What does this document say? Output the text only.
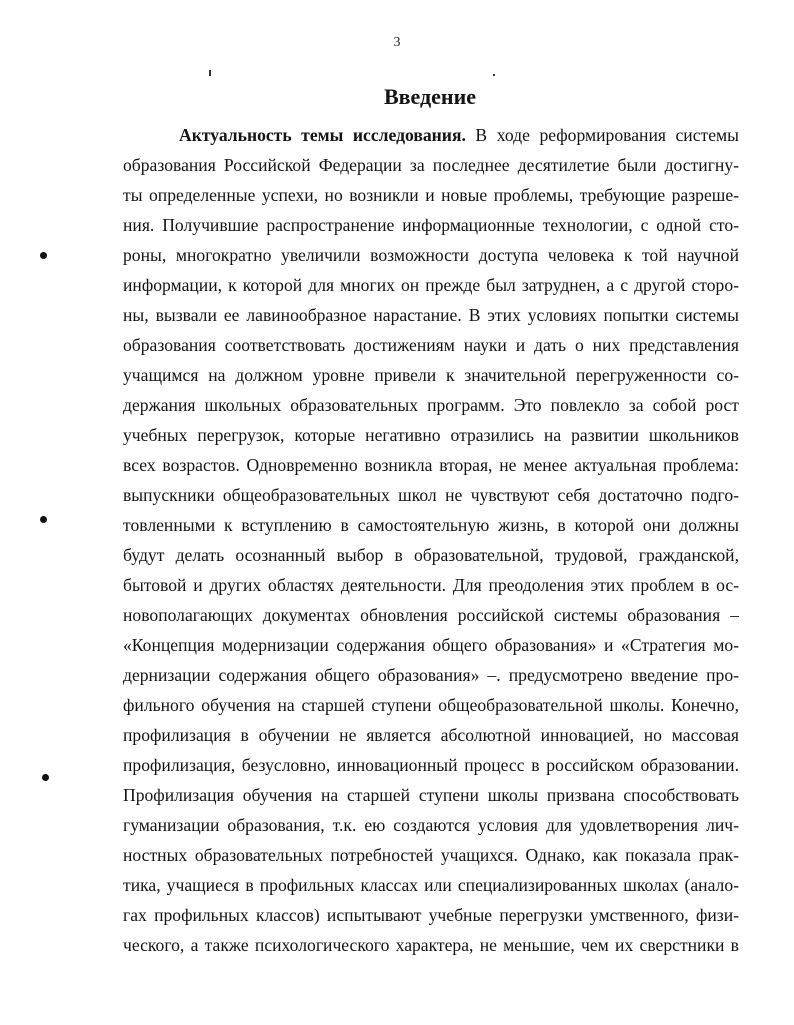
3
Введение
Актуальность темы исследования. В ходе реформирования системы
образования Российской Федерации за последнее десятилетие были достигну-
ты определенные успехи, но возникли и новые проблемы, требующие разреше-
ния. Получившие распространение информационные технологии, с одной сто-
роны, многократно увеличили возможности доступа человека к той научной
информации, к которой для многих он прежде был затруднен, а с другой сторо-
ны, вызвали ее лавинообразное нарастание. В этих условиях попытки системы
образования соответствовать достижениям науки и дать о них представления
учащимся на должном уровне привели к значительной перегруженности со-
держания школьных образовательных программ. Это повлекло за собой рост
учебных перегрузок, которые негативно отразились на развитии школьников
всех возрастов. Одновременно возникла вторая, не менее актуальная проблема:
выпускники общеобразовательных школ не чувствуют себя достаточно подго-
товленными к вступлению в самостоятельную жизнь, в которой они должны
будут делать осознанный выбор в образовательной, трудовой, гражданской,
бытовой и других областях деятельности. Для преодоления этих проблем в ос-
новополагающих документах обновления российской системы образования –
«Концепция модернизации содержания общего образования» и «Стратегия мо-
дернизации содержания общего образования» –. предусмотрено введение про-
фильного обучения на старшей ступени общеобразовательной школы. Конечно,
профилизация в обучении не является абсолютной инновацией, но массовая
профилизация, безусловно, инновационный процесс в российском образовании.
Профилизация обучения на старшей ступени школы призвана способствовать
гуманизации образования, т.к. ею создаются условия для удовлетворения лич-
ностных образовательных потребностей учащихся. Однако, как показала прак-
тика, учащиеся в профильных классах или специализированных школах (анало-
гах профильных классов) испытывают учебные перегрузки умственного, физи-
ческого, а также психологического характера, не меньшие, чем их сверстники в
